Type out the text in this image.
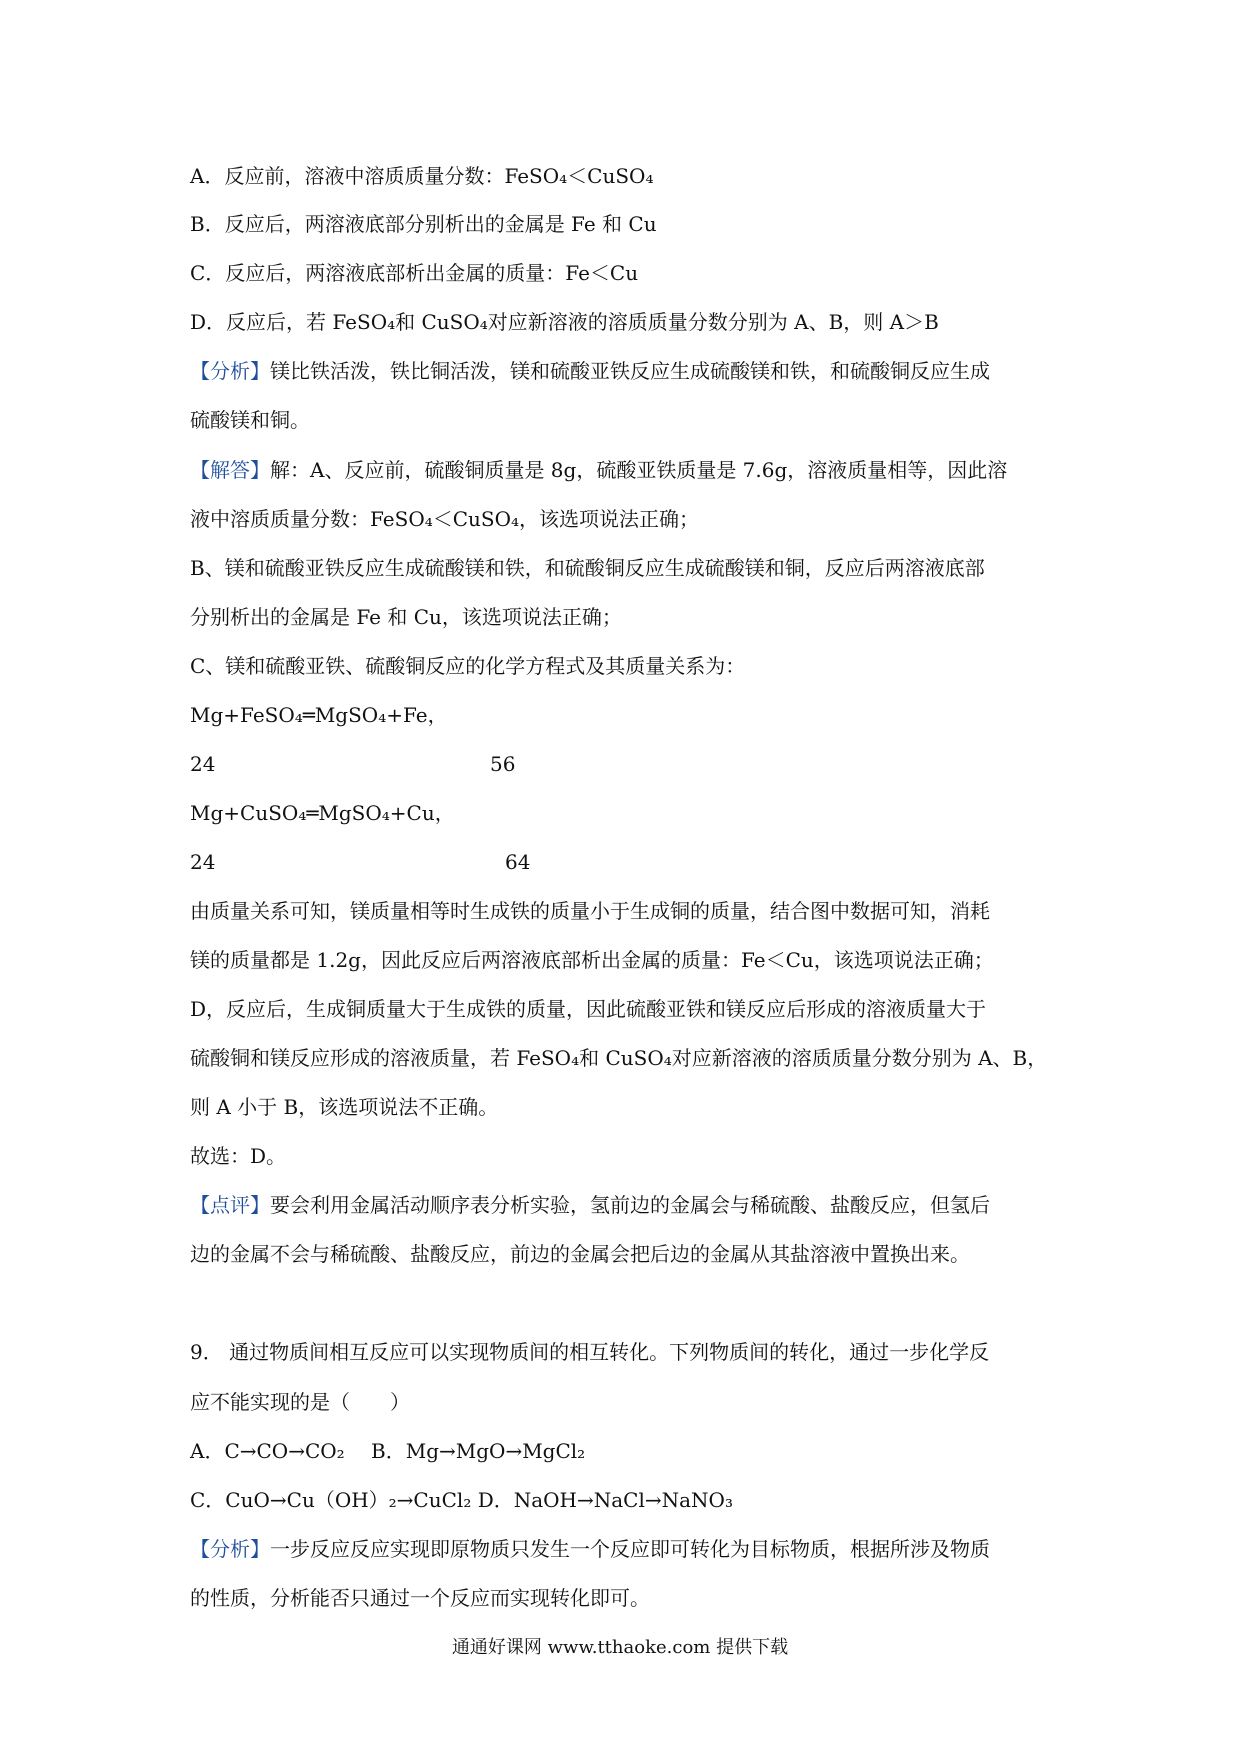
A．反应前，溶液中溶质质量分数：FeSO₄＜CuSO₄
B．反应后，两溶液底部分别析出的金属是 Fe 和 Cu
C．反应后，两溶液底部析出金属的质量：Fe＜Cu
D．反应后，若 FeSO₄和 CuSO₄对应新溶液的溶质质量分数分别为 A、B，则 A＞B
【分析】镁比铁活泼，铁比铜活泼，镁和硫酸亚铁反应生成硫酸镁和铁，和硫酸铜反应生成
硫酸镁和铜。
【解答】解：A、反应前，硫酸铜质量是 8g，硫酸亚铁质量是 7.6g，溶液质量相等，因此溶
液中溶质质量分数：FeSO₄＜CuSO₄，该选项说法正确；
B、镁和硫酸亚铁反应生成硫酸镁和铁，和硫酸铜反应生成硫酸镁和铜，反应后两溶液底部
分别析出的金属是 Fe 和 Cu，该选项说法正确；
C、镁和硫酸亚铁、硫酸铜反应的化学方程式及其质量关系为：
Mg+FeSO₄═MgSO₄+Fe，
24	56
Mg+CuSO₄═MgSO₄+Cu，
24	64
由质量关系可知，镁质量相等时生成铁的质量小于生成铜的质量，结合图中数据可知，消耗
镁的质量都是 1.2g，因此反应后两溶液底部析出金属的质量：Fe＜Cu，该选项说法正确；
D，反应后，生成铜质量大于生成铁的质量，因此硫酸亚铁和镁反应后形成的溶液质量大于
硫酸铜和镁反应形成的溶液质量，若 FeSO₄和 CuSO₄对应新溶液的溶质质量分数分别为 A、B，
则 A 小于 B，该选项说法不正确。
故选：D。
【点评】要会利用金属活动顺序表分析实验，氢前边的金属会与稀硫酸、盐酸反应，但氢后
边的金属不会与稀硫酸、盐酸反应，前边的金属会把后边的金属从其盐溶液中置换出来。
9． 通过物质间相互反应可以实现物质间的相互转化。下列物质间的转化，通过一步化学反
应不能实现的是（　　）
A．C→CO→CO₂　 B．Mg→MgO→MgCl₂
C．CuO→Cu（OH）₂→CuCl₂ D．NaOH→NaCl→NaNO₃
【分析】一步反应反应实现即原物质只发生一个反应即可转化为目标物质，根据所涉及物质
的性质，分析能否只通过一个反应而实现转化即可。
通通好课网 www.tthaoke.com 提供下载
